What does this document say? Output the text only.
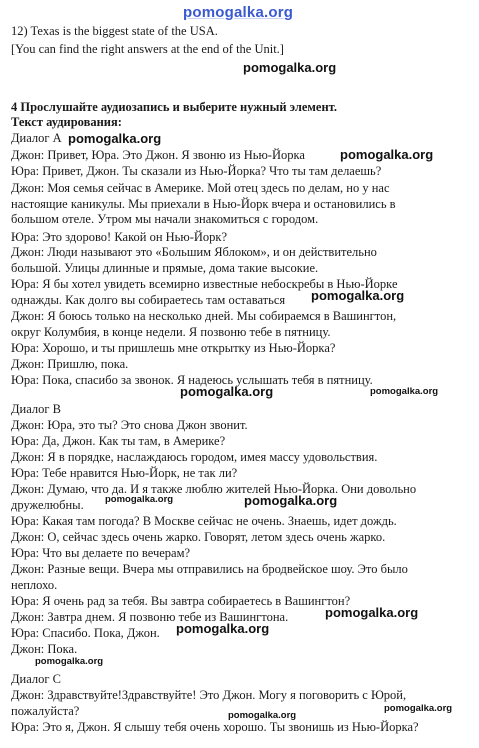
pomogalka.org
12) Texas is the biggest state of the USA.
[You can find the right answers at the end of the Unit.]
pomogalka.org
4 Прослушайте аудиозапись и выберите нужный элемент.
Текст аудирования:
Диалог А pomogalka.org
Джон: Привет, Юра. Это Джон. Я звоню из Нью-Йорка	pomogalka.org
Юра: Привет, Джон. Ты сказали из Нью-Йорка? Что ты там делаешь?
Джон: Моя семья сейчас в Америке. Мой отец здесь по делам, но у нас
настоящие каникулы. Мы приехали в Нью-Йорк вчера и остановились в
большом отеле. Утром мы начали знакомиться с городом.
Юра: Это здорово! Какой он Нью-Йорк?
Джон: Люди называют это «Большим Яблоком», и он действительно
большой. Улицы длинные и прямые, дома такие высокие.
Юра: Я бы хотел увидеть всемирно известные небоскребы в Нью-Йорке
однажды. Как долго вы собираетесь там оставаться pomogalka.org
Джон: Я боюсь только на несколько дней. Мы собираемся в Вашингтон,
округ Колумбия, в конце недели. Я позвоню тебе в пятницу.
Юра: Хорошо, и ты пришлешь мне открытку из Нью-Йорка?
Джон: Пришлю, пока.
Юра: Пока, спасибо за звонок. Я надеюсь услышать тебя в пятницу.
pomogalka.org	pomogalka.org
Диалог В
Джон: Юра, это ты? Это снова Джон звонит.
Юра: Да, Джон. Как ты там, в Америке?
Джон: Я в порядке, наслаждаюсь городом, имея массу удовольствия.
Юра: Тебе нравится Нью-Йорк, не так ли?
Джон: Думаю, что да. И я также люблю жителей Нью-Йорка. Они довольно
дружелюбны. pomogalka.org	pomogalka.org
Юра: Какая там погода? В Москве сейчас не очень. Знаешь, идет дождь.
Джон: О, сейчас здесь очень жарко. Говорят, летом здесь очень жарко.
Юра: Что вы делаете по вечерам?
Джон: Разные вещи. Вчера мы отправились на бродвейское шоу. Это было
неплохо.
Юра: Я очень рад за тебя. Вы завтра собираетесь в Вашингтон?
Джон: Завтра днем. Я позвоню тебе из Вашингтона.	pomogalka.org
Юра: Спасибо. Пока, Джон. pomogalka.org
Джон: Пока.
pomogalka.org
Диалог С
Джон: Здравствуйте!Здравствуйте! Это Джон. Могу я поговорить с Юрой,
пожалуйста?	pomogalka.org
pomogalka.org
Юра: Это я, Джон. Я слышу тебя очень хорошо. Ты звонишь из Нью-Йорка?
